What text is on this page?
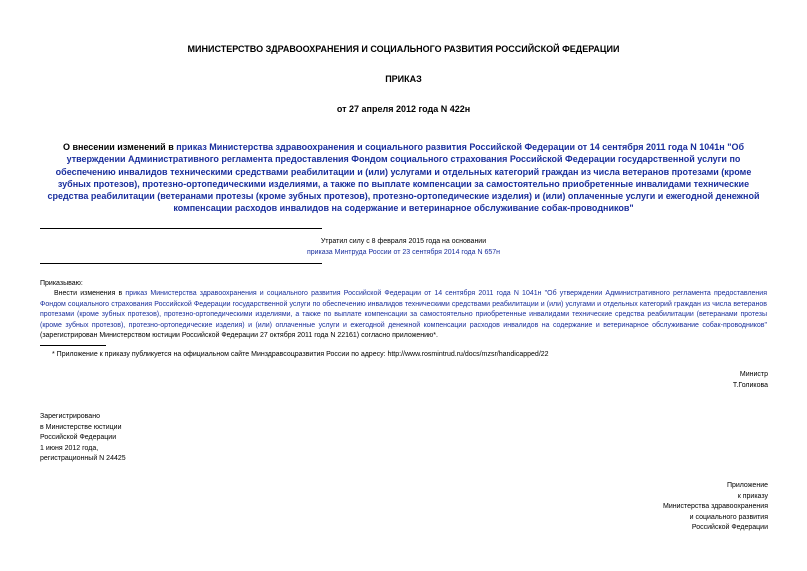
МИНИСТЕРСТВО ЗДРАВООХРАНЕНИЯ И СОЦИАЛЬНОГО РАЗВИТИЯ РОССИЙСКОЙ ФЕДЕРАЦИИ
ПРИКАЗ
от 27 апреля 2012 года N 422н
О внесении изменений в приказ Министерства здравоохранения и социального развития Российской Федерации от 14 сентября 2011 года N 1041н "Об утверждении Административного регламента предоставления Фондом социального страхования Российской Федерации государственной услуги по обеспечению инвалидов техническими средствами реабилитации и (или) услугами и отдельных категорий граждан из числа ветеранов протезами (кроме зубных протезов), протезно-ортопедическими изделиями, а также по выплате компенсации за самостоятельно приобретенные инвалидами технические средства реабилитации (ветеранами протезы (кроме зубных протезов), протезно-ортопедические изделия) и (или) оплаченные услуги и ежегодной денежной компенсации расходов инвалидов на содержание и ветеринарное обслуживание собак-проводников"
Утратил силу с 8 февраля 2015 года на основании
приказа Минтруда России от 23 сентября 2014 года N 657н
Приказываю:
Внести изменения в приказ Министерства здравоохранения и социального развития Российской Федерации от 14 сентября 2011 года N 1041н "Об утверждении Административного регламента предоставления Фондом социального страхования Российской Федерации государственной услуги по обеспечению инвалидов техническими средствами реабилитации и (или) услугами и отдельных категорий граждан из числа ветеранов протезами (кроме зубных протезов), протезно-ортопедическими изделиями, а также по выплате компенсации за самостоятельно приобретенные инвалидами технические средства реабилитации (ветеранами протезы (кроме зубных протезов), протезно-ортопедические изделия) и (или) оплаченные услуги и ежегодной денежной компенсации расходов инвалидов на содержание и ветеринарное обслуживание собак-проводников" (зарегистрирован Министерством юстиции Российской Федерации 27 октября 2011 года N 22161) согласно приложению*.
* Приложение к приказу публикуется на официальном сайте Минздравсоцразвития России по адресу: http://www.rosmintrud.ru/docs/mzsr/handicapped/22
Министр
Т.Голикова
Зарегистрировано
в Министерстве юстиции
Российской Федерации
1 июня 2012 года,
регистрационный N 24425
Приложение
к приказу
Министерства здравоохранения
и социального развития
Российской Федерации
